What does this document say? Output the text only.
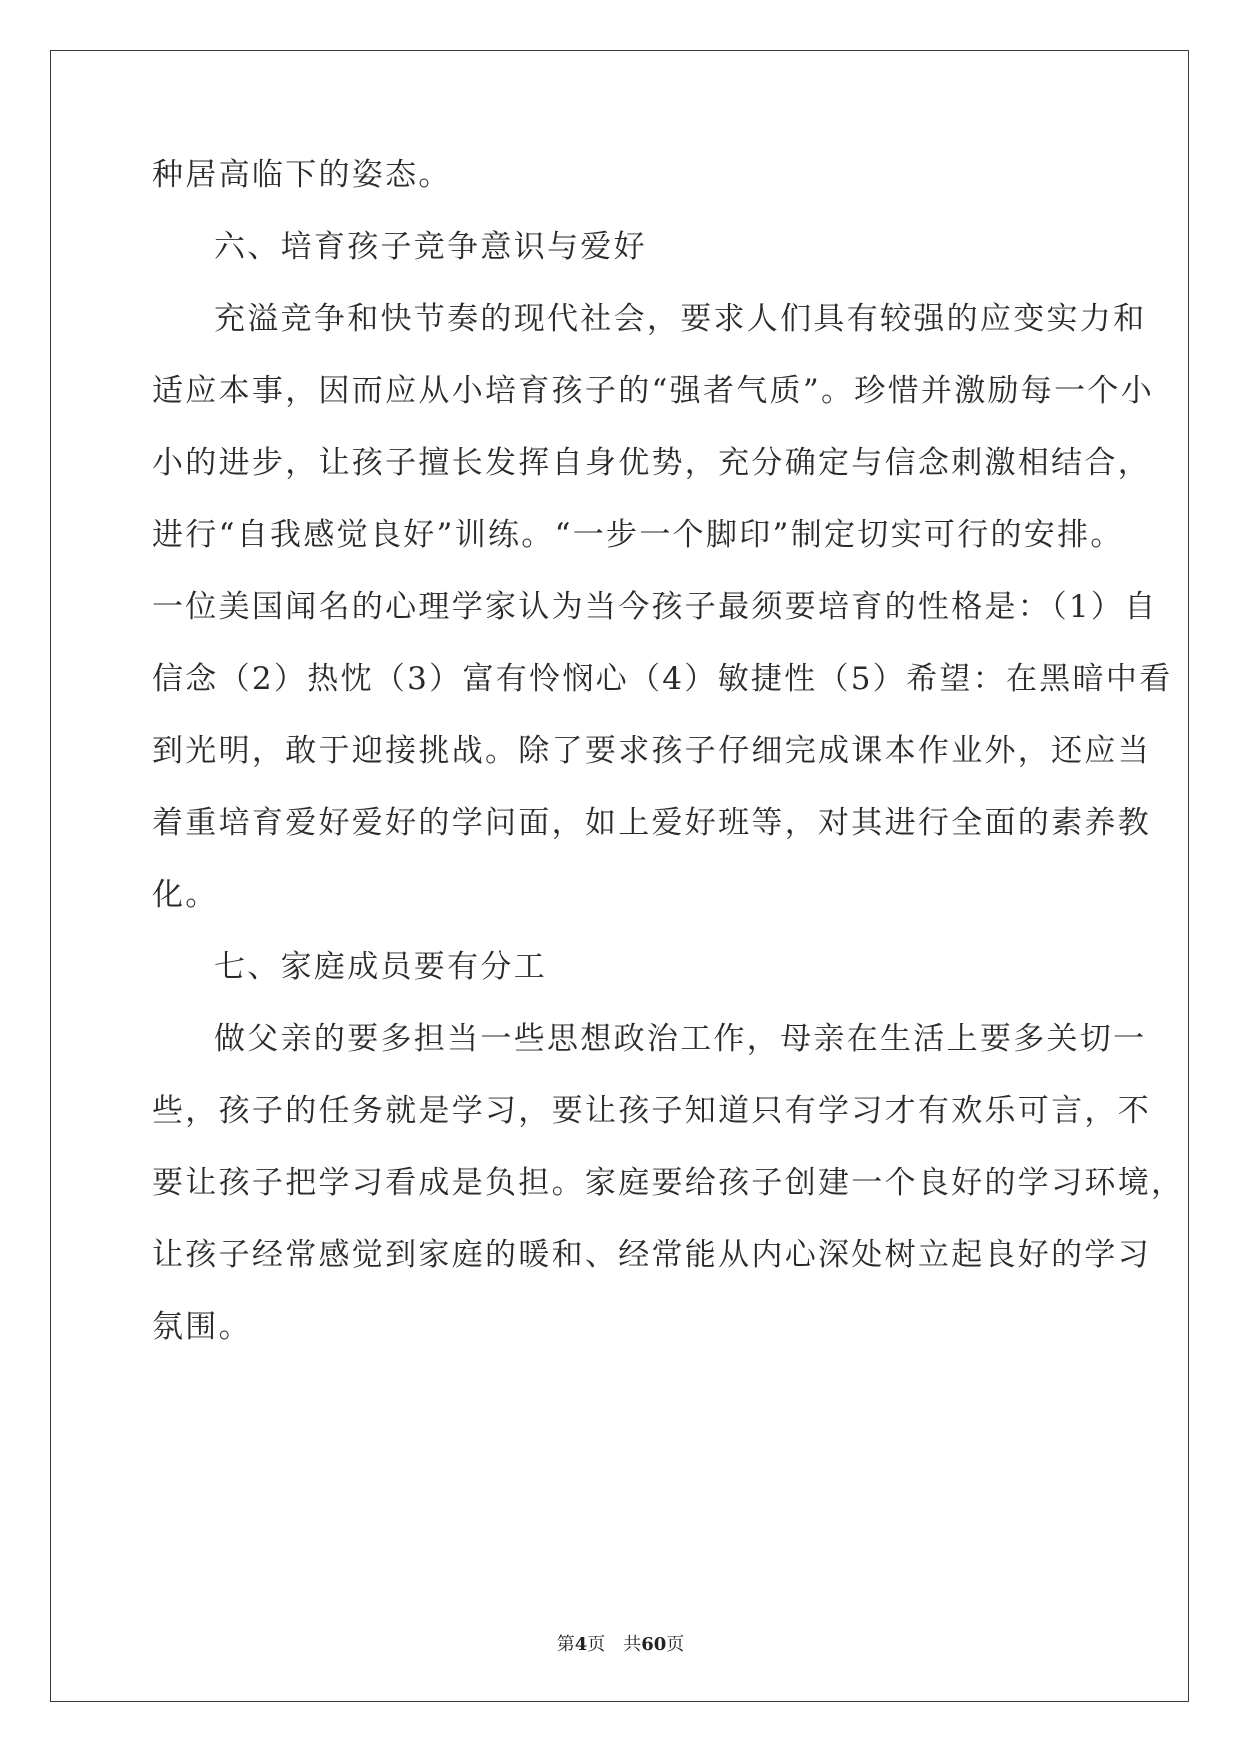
种居高临下的姿态。
六、培育孩子竞争意识与爱好
充溢竞争和快节奏的现代社会，要求人们具有较强的应变实力和
适应本事，因而应从小培育孩子的“强者气质”。珍惜并激励每一个小
小的进步，让孩子擅长发挥自身优势，充分确定与信念刺激相结合，
进行“自我感觉良好”训练。“一步一个脚印”制定切实可行的安排。
一位美国闻名的心理学家认为当今孩子最须要培育的性格是：（1）自
信念（2）热忱（3）富有怜悯心（4）敏捷性（5）希望：在黑暗中看
到光明，敢于迎接挑战。除了要求孩子仔细完成课本作业外，还应当
着重培育爱好爱好的学问面，如上爱好班等，对其进行全面的素养教
化。
七、家庭成员要有分工
做父亲的要多担当一些思想政治工作，母亲在生活上要多关切一
些，孩子的任务就是学习，要让孩子知道只有学习才有欢乐可言，不
要让孩子把学习看成是负担。家庭要给孩子创建一个良好的学习环境，
让孩子经常感觉到家庭的暖和、经常能从内心深处树立起良好的学习
氛围。
第4页　共60页
